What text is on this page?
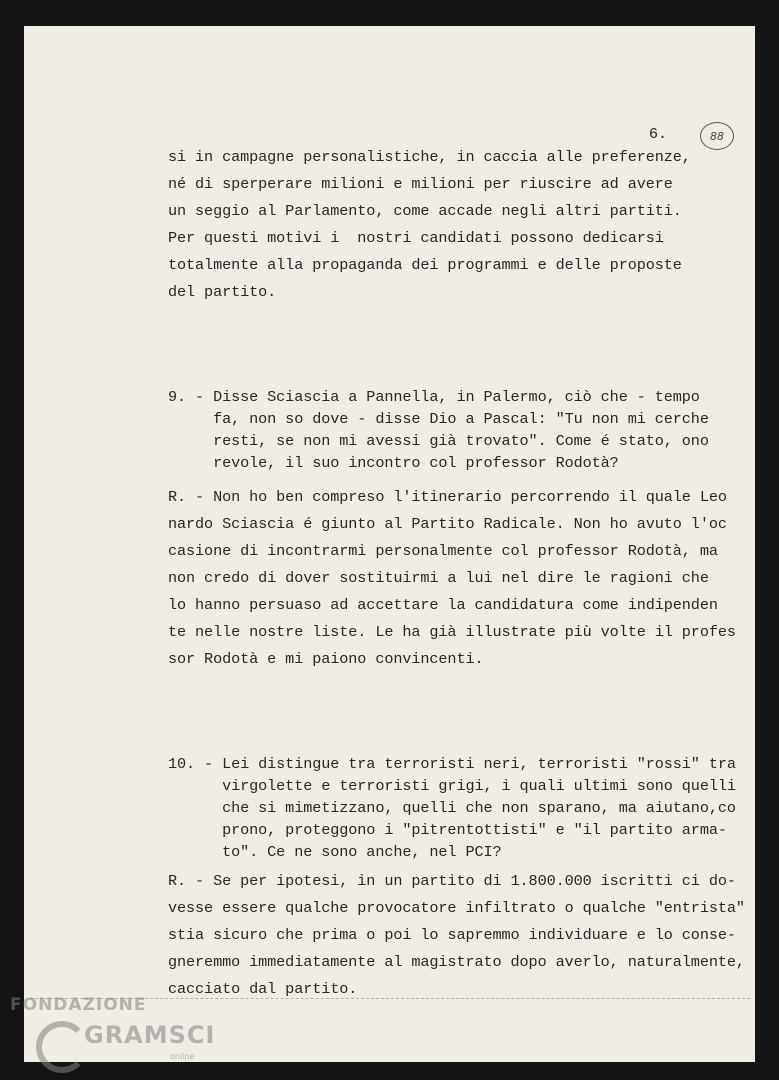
6.	88
si in campagne personalistiche, in caccia alle preferenze,
né di sperperare milioni e milioni per riuscire ad avere
un seggio al Parlamento, come accade negli altri partiti.
Per questi motivi i  nostri candidati possono dedicarsi
totalmente alla propaganda dei programmi e delle proposte
del partito.
9. - Disse Sciascia a Pannella, in Palermo, ciò che - tempo
fa, non so dove - disse Dio a Pascal: "Tu non mi cerche
resti, se non mi avessi già trovato". Come é stato, ono
revole, il suo incontro col professor Rodotà?
R. - Non ho ben compreso l'itinerario percorrendo il quale Leo
nardo Sciascia é giunto al Partito Radicale. Non ho avuto l'oc
casione di incontrarmi personalmente col professor Rodotà, ma
non credo di dover sostituirmi a lui nel dire le ragioni che
lo hanno persuaso ad accettare la candidatura come indipenden
te nelle nostre liste. Le ha già illustrate più volte il profes
sor Rodotà e mi paiono convincenti.
10. - Lei distingue tra terroristi neri, terroristi "rossi" tra
virgolette e terroristi grigi, i quali ultimi sono quelli
che si mimetizzano, quelli che non sparano, ma aiutano,co
prono, proteggono i "pitrentottisti" e "il partito arma-
to". Ce ne sono anche, nel PCI?
R. - Se per ipotesi, in un partito di 1.800.000 iscritti ci do-
vesse essere qualche provocatore infiltrato o qualche "entrista"
stia sicuro che prima o poi lo sapremmo individuare e lo conse-
gneremmo immediatamente al magistrato dopo averlo, naturalmente,
cacciato dal partito.
FONDAZIONE
GRAMSCI
online
